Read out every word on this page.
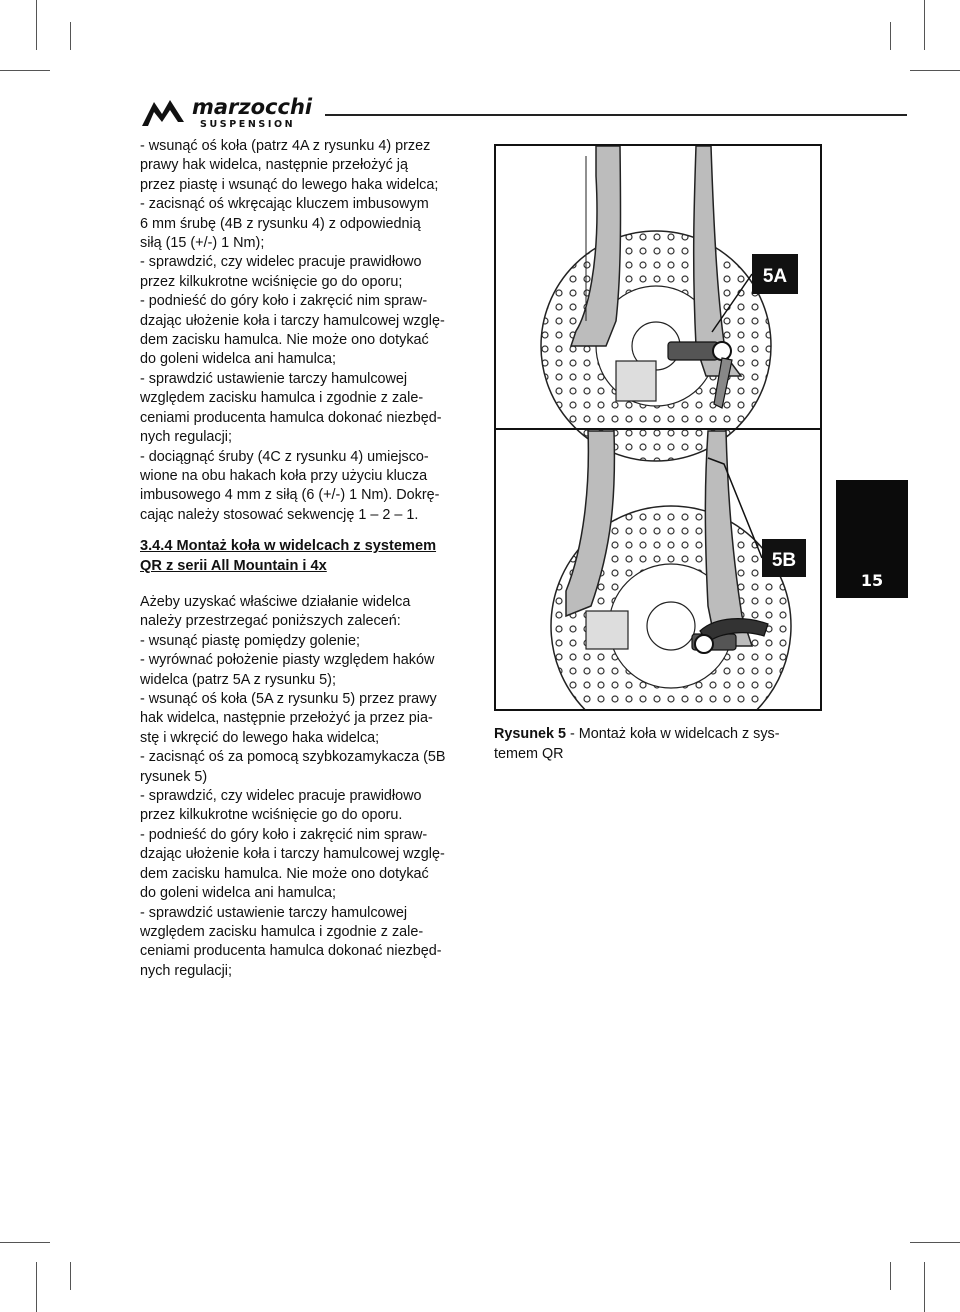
marzocchi
SUSPENSION

- wsunąć oś koła (patrz 4A z rysunku 4) przez

prawy hak widelca, następnie przełożyć ją

przez piastę i wsunąć do lewego haka widelca;

- zacisnąć oś wkręcając kluczem imbusowym

6 mm śrubę (4B z rysunku 4) z odpowiednią

siłą (15 (+/-) 1 Nm);

- sprawdzić, czy widelec pracuje prawidłowo

przez kilkukrotne wciśnięcie go do oporu;

- podnieść do góry koło i zakręcić nim spraw-

dzając ułożenie koła i tarczy hamulcowej wzglę-

dem zacisku hamulca. Nie może ono dotykać

do goleni widelca ani hamulca;

- sprawdzić ustawienie tarczy hamulcowej

względem zacisku hamulca i zgodnie z zale-

ceniami producenta hamulca dokonać niezbęd-

nych regulacji;

- dociągnąć śruby (4C z rysunku 4) umiejsco-

wione na obu hakach koła przy użyciu klucza

imbusowego 4 mm z siłą (6 (+/-) 1 Nm). Dokrę-

cając należy stosować sekwencję 1 – 2 – 1.

3.4.4 Montaż koła w widelcach z systemem
QR z serii All Mountain i 4x

Ażeby uzyskać właściwe działanie widelca

należy przestrzegać poniższych zaleceń:

- wsunąć piastę pomiędzy golenie;

- wyrównać położenie piasty względem haków

widelca (patrz 5A z rysunku 5);

- wsunąć oś koła (5A z rysunku 5) przez prawy

hak widelca, następnie przełożyć ja przez pia-

stę i wkręcić do lewego haka widelca;

- zacisnąć oś za pomocą szybkozamykacza (5B

rysunek 5)

- sprawdzić, czy widelec pracuje prawidłowo

przez kilkukrotne wciśnięcie go do oporu.

- podnieść do góry koło i zakręcić nim spraw-

dzając ułożenie koła i tarczy hamulcowej wzglę-

dem zacisku hamulca. Nie może ono dotykać

do goleni widelca ani hamulca;

- sprawdzić ustawienie tarczy hamulcowej

względem zacisku hamulca i zgodnie z zale-

ceniami producenta hamulca dokonać niezbęd-

nych regulacji;

5A
5B
Rysunek 5 - Montaż koła w widelcach z sys-
temem QR
15
